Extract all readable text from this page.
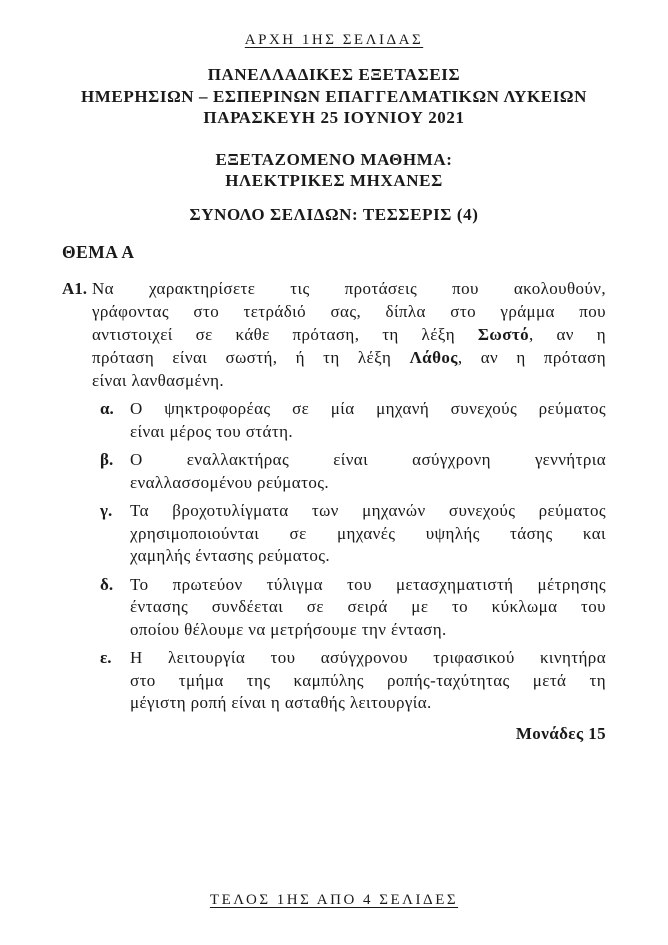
ΑΡΧΗ 1ΗΣ ΣΕΛΙΔΑΣ
ΠΑΝΕΛΛΑΔΙΚΕΣ ΕΞΕΤΑΣΕΙΣ
ΗΜΕΡΗΣΙΩΝ – ΕΣΠΕΡΙΝΩΝ ΕΠΑΓΓΕΛΜΑΤΙΚΩΝ ΛΥΚΕΙΩΝ
ΠΑΡΑΣΚΕΥΗ 25 ΙΟΥΝΙΟΥ 2021
ΕΞΕΤΑΖΟΜΕΝΟ ΜΑΘΗΜΑ:
ΗΛΕΚΤΡΙΚΕΣ ΜΗΧΑΝΕΣ
ΣΥΝΟΛΟ ΣΕΛΙΔΩΝ: ΤΕΣΣΕΡΙΣ (4)
ΘΕΜΑ Α
Α1. Να χαρακτηρίσετε τις προτάσεις που ακολουθούν,
γράφοντας στο τετράδιό σας, δίπλα στο γράμμα που
αντιστοιχεί σε κάθε πρόταση, τη λέξη Σωστό, αν η
πρόταση είναι σωστή, ή τη λέξη Λάθος, αν η πρόταση
είναι λανθασμένη.
α. Ο ψηκτροφορέας σε μία μηχανή συνεχούς ρεύματος
είναι μέρος του στάτη.
β. Ο εναλλακτήρας είναι ασύγχρονη γεννήτρια
εναλλασσομένου ρεύματος.
γ.	Τα βροχοτυλίγματα των μηχανών συνεχούς ρεύματος
χρησιμοποιούνται σε μηχανές υψηλής τάσης και
χαμηλής έντασης ρεύματος.
δ. Το πρωτεύον τύλιγμα του μετασχηματιστή μέτρησης
έντασης συνδέεται σε σειρά με το κύκλωμα του
οποίου θέλουμε να μετρήσουμε την ένταση.
ε.	Η λειτουργία του ασύγχρονου τριφασικού κινητήρα
στο τμήμα της καμπύλης ροπής-ταχύτητας μετά τη
μέγιστη ροπή είναι η ασταθής λειτουργία.
Μονάδες 15
ΤΕΛΟΣ 1ΗΣ ΑΠΟ 4 ΣΕΛΙΔΕΣ
